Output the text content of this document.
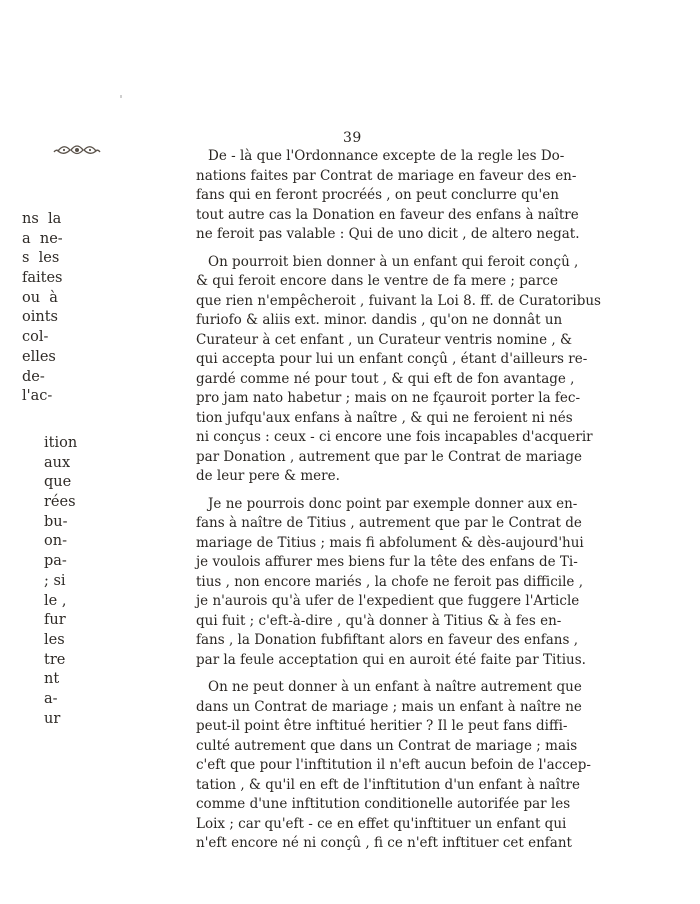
ns  la
a  ne-
s  les
faites
ou  à
oints
col-
elles
de-
l'ac-
ition
aux
que
rées
bu-
on-
pa-
; si
le ,
fur
les
tre
nt
a-
ur
39
De - là que l'Ordonnance excepte de la regle les Do-
nations faites par Contrat de mariage en faveur des en-
fans qui en feront procréés , on peut conclurre qu'en
tout autre cas la Donation en faveur des enfans à naître
ne feroit pas valable : Qui de uno dicit , de altero negat.
On pourroit bien donner à un enfant qui feroit conçû ,
& qui feroit encore dans le ventre de fa mere ; parce
que rien n'empêcheroit , fuivant la Loi 8. ff. de Curatoribus
furiofo & aliis ext. minor. dandis , qu'on ne donnât un
Curateur à cet enfant , un Curateur ventris nomine , &
qui accepta pour lui un enfant conçû , étant d'ailleurs re-
gardé comme né pour tout , & qui eft de fon avantage ,
pro jam nato habetur ; mais on ne fçauroit porter la fec-
tion jufqu'aux enfans à naître , & qui ne feroient ni nés
ni conçus : ceux - ci encore une fois incapables d'acquerir
par Donation , autrement que par le Contrat de mariage
de leur pere & mere.
Je ne pourrois donc point par exemple donner aux en-
fans à naître de Titius , autrement que par le Contrat de
mariage de Titius ; mais fi abfolument & dès-aujourd'hui
je voulois affurer mes biens fur la tête des enfans de Ti-
tius , non encore mariés , la chofe ne feroit pas difficile ,
je n'aurois qu'à ufer de l'expedient que fuggere l'Article
qui fuit ; c'eft-à-dire , qu'à donner à Titius & à fes en-
fans , la Donation fubfiftant alors en faveur des enfans ,
par la feule acceptation qui en auroit été faite par Titius.
On ne peut donner à un enfant à naître autrement que
dans un Contrat de mariage ; mais un enfant à naître ne
peut-il point être inftitué heritier ? Il le peut fans diffi-
culté autrement que dans un Contrat de mariage ; mais
c'eft que pour l'inftitution il n'eft aucun befoin de l'accep-
tation , & qu'il en eft de l'inftitution d'un enfant à naître
comme d'une inftitution conditionelle autorifée par les
Loix ; car qu'eft - ce en effet qu'inftituer un enfant qui
n'eft encore né ni conçû , fi ce n'eft inftituer cet enfant
